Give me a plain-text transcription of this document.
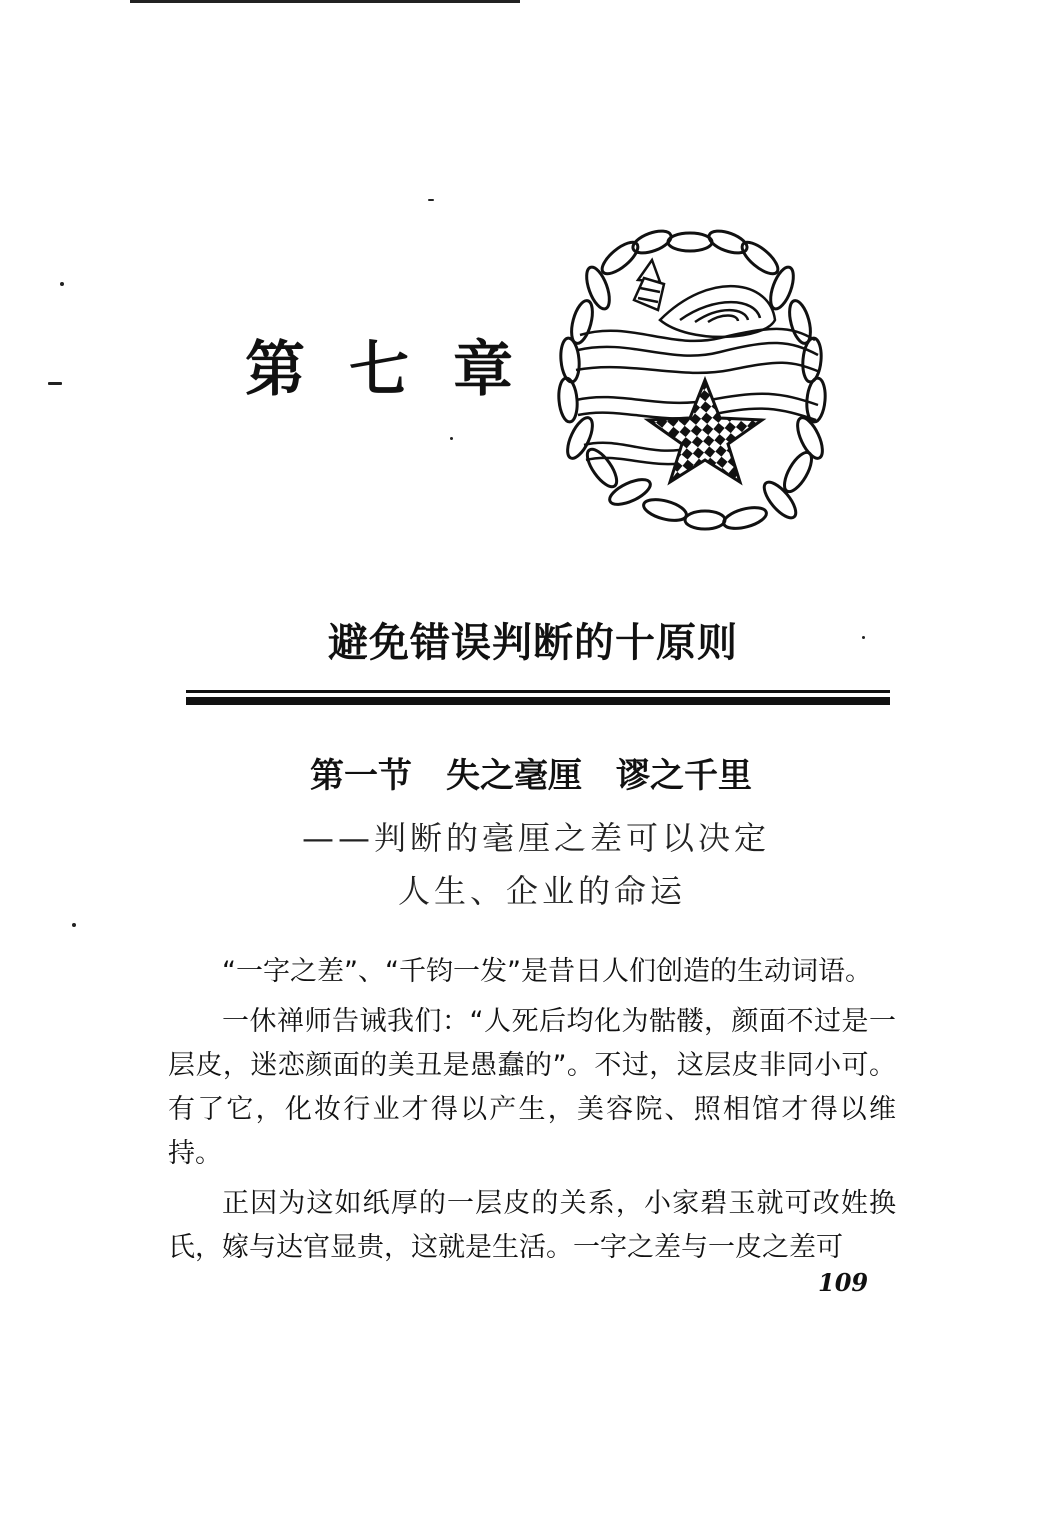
第七章
避免错误判断的十原则
第一节　失之毫厘　谬之千里
——判断的毫厘之差可以决定
人生、企业的命运

“一字之差”、“千钧一发”是昔日人们创造的生动词语。

一休禅师告诫我们：“人死后均化为骷髅，颜面不过是一层皮，迷恋颜面的美丑是愚蠢的”。不过，这层皮非同小可。有了它，化妆行业才得以产生，美容院、照相馆才得以维持。

正因为这如纸厚的一层皮的关系，小家碧玉就可改姓换氏，嫁与达官显贵，这就是生活。一字之差与一皮之差可

109
